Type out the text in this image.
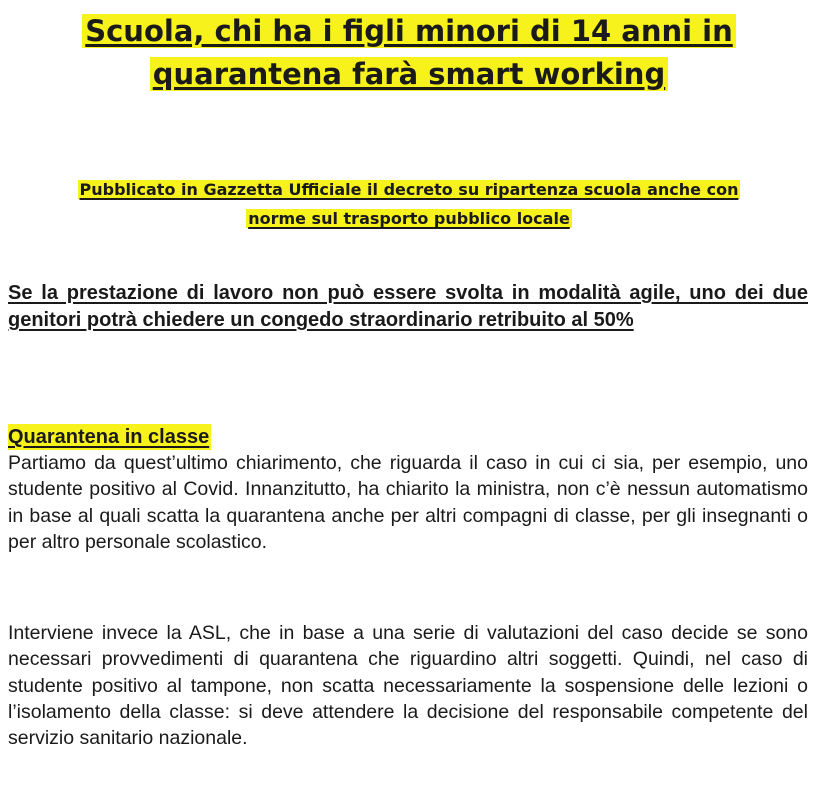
Scuola, chi ha i figli minori di 14 anni in
quarantena farà smart working
Pubblicato in Gazzetta Ufficiale il decreto su ripartenza scuola anche con
norme sul trasporto pubblico locale
Se la prestazione di lavoro non può essere svolta in modalità agile, uno dei due genitori potrà chiedere un congedo straordinario retribuito al 50%
Quarantena in classe
Partiamo da quest’ultimo chiarimento, che riguarda il caso in cui ci sia, per esempio, uno studente positivo al Covid. Innanzitutto, ha chiarito la ministra, non c’è nessun automatismo in base al quali scatta la quarantena anche per altri compagni di classe, per gli insegnanti o per altro personale scolastico.
Interviene invece la ASL, che in base a una serie di valutazioni del caso decide se sono necessari provvedimenti di quarantena che riguardino altri soggetti. Quindi, nel caso di studente positivo al tampone, non scatta necessariamente la sospensione delle lezioni o l’isolamento della classe: si deve attendere la decisione del responsabile competente del servizio sanitario nazionale.
